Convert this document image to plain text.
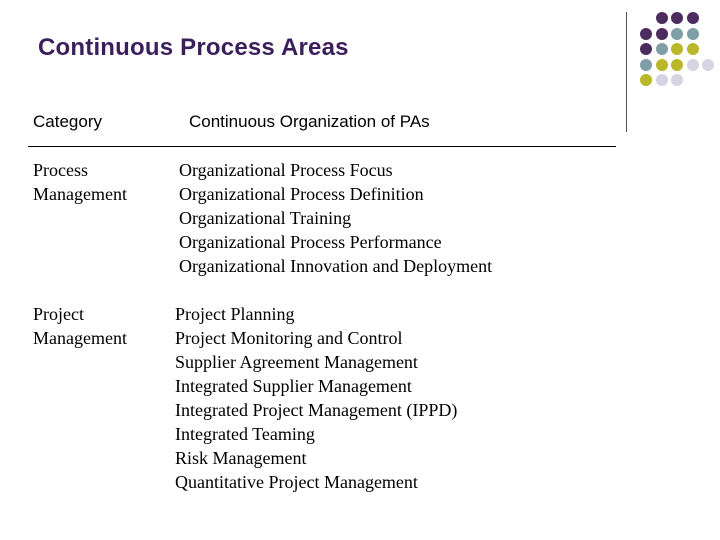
Continuous Process Areas
Category	Continuous Organization of PAs
Process
Management
Organizational Process Focus
Organizational Process Definition
Organizational Training
Organizational Process Performance
Organizational Innovation and Deployment
Project
Management
Project Planning
Project Monitoring and Control
Supplier Agreement Management
Integrated Supplier Management
Integrated Project Management (IPPD)
Integrated Teaming
Risk Management
Quantitative Project Management
